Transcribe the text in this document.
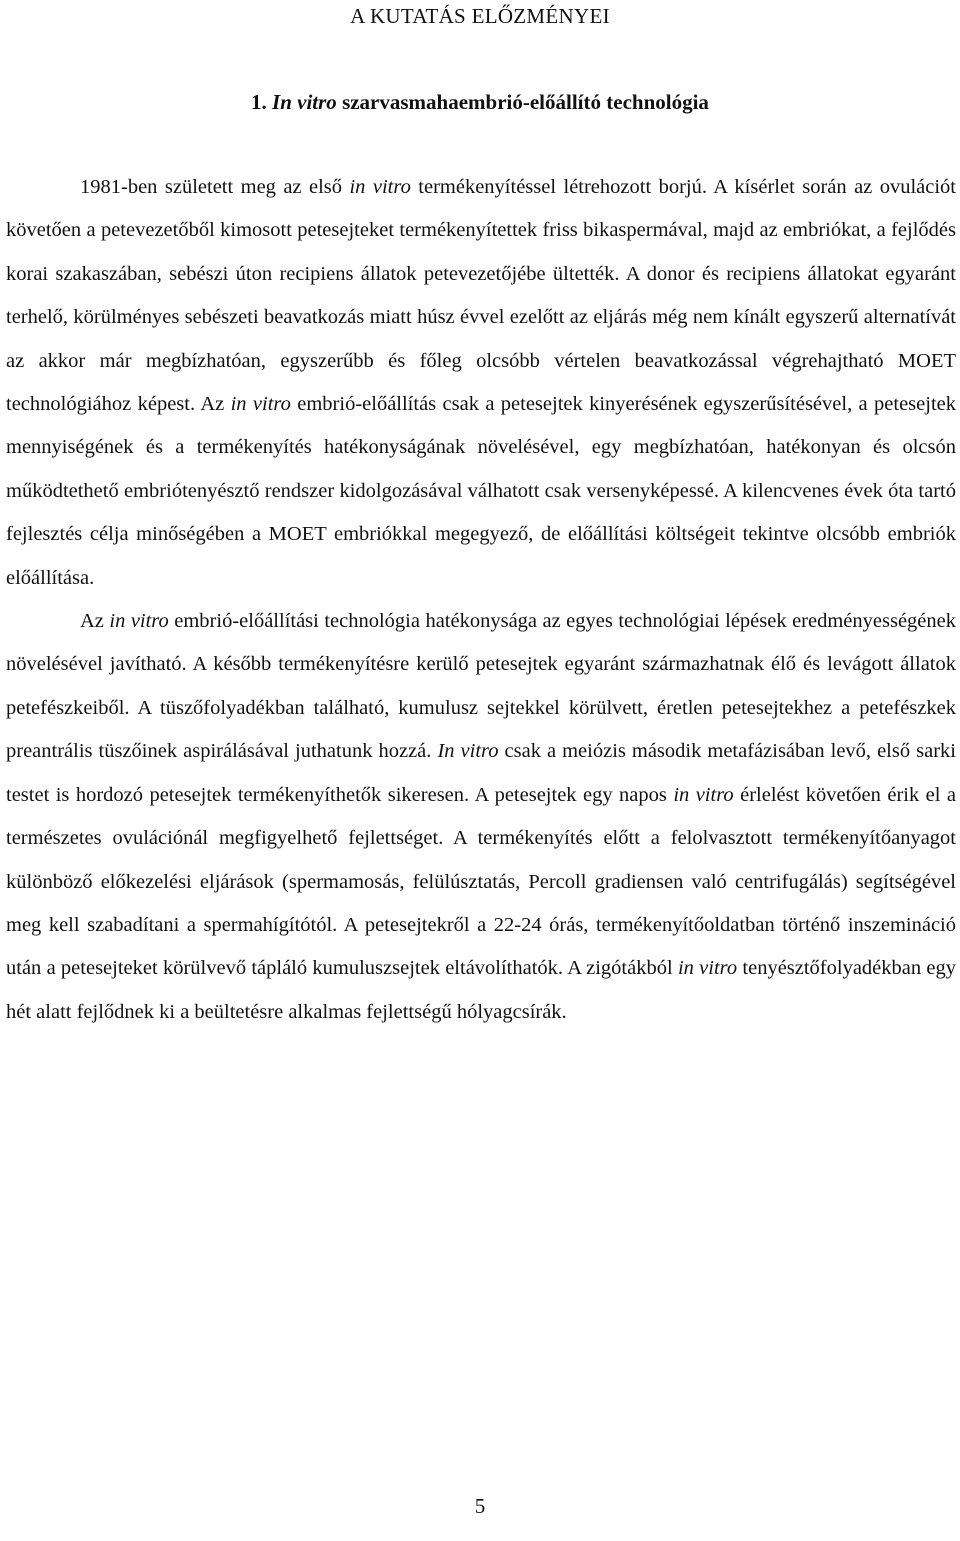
A KUTATÁS ELŐZMÉNYEI
1. In vitro szarvasmahaembrió-előállító technológia

1981-ben született meg az első in vitro termékenyítéssel létrehozott borjú. A kísérlet során az ovulációt követően a petevezetőből kimosott petesejteket termékenyítettek friss bikaspermával, majd az embriókat, a fejlődés korai szakaszában, sebészi úton recipiens állatok petevezetőjébe ültették. A donor és recipiens állatokat egyaránt terhelő, körülményes sebészeti beavatkozás miatt húsz évvel ezelőtt az eljárás még nem kínált egyszerű alternatívát az akkor már megbízhatóan, egyszerűbb és főleg olcsóbb vértelen beavatkozással végrehajtható MOET technológiához képest. Az in vitro embrió-előállítás csak a petesejtek kinyerésének egyszerűsítésével, a petesejtek mennyiségének és a termékenyítés hatékonyságának növelésével, egy megbízhatóan, hatékonyan és olcsón működtethető embriótenyésztő rendszer kidolgozásával válhatott csak versenyképessé. A kilencvenes évek óta tartó fejlesztés célja minőségében a MOET embriókkal megegyező, de előállítási költségeit tekintve olcsóbb embriók előállítása.

Az in vitro embrió-előállítási technológia hatékonysága az egyes technológiai lépések eredményességének növelésével javítható. A később termékenyítésre kerülő petesejtek egyaránt származhatnak élő és levágott állatok petefészkeiből. A tüszőfolyadékban található, kumulusz sejtekkel körülvett, éretlen petesejtekhez a petefészkek preantrális tüszőinek aspirálásával juthatunk hozzá. In vitro csak a meiózis második metafázisában levő, első sarki testet is hordozó petesejtek termékenyíthetők sikeresen. A petesejtek egy napos in vitro érlelést követően érik el a természetes ovulációnál megfigyelhető fejlettséget. A termékenyítés előtt a felolvasztott termékenyítőanyagot különböző előkezelési eljárások (spermamosás, felülúsztatás, Percoll gradiensen való centrifugálás) segítségével meg kell szabadítani a spermahígítótól. A petesejtekről a 22-24 órás, termékenyítőoldatban történő inszemináció után a petesejteket körülvevő tápláló kumuluszsejtek eltávolíthatók. A zigótákból in vitro tenyésztőfolyadékban egy hét alatt fejlődnek ki a beültetésre alkalmas fejlettségű hólyagcsírák.

5
